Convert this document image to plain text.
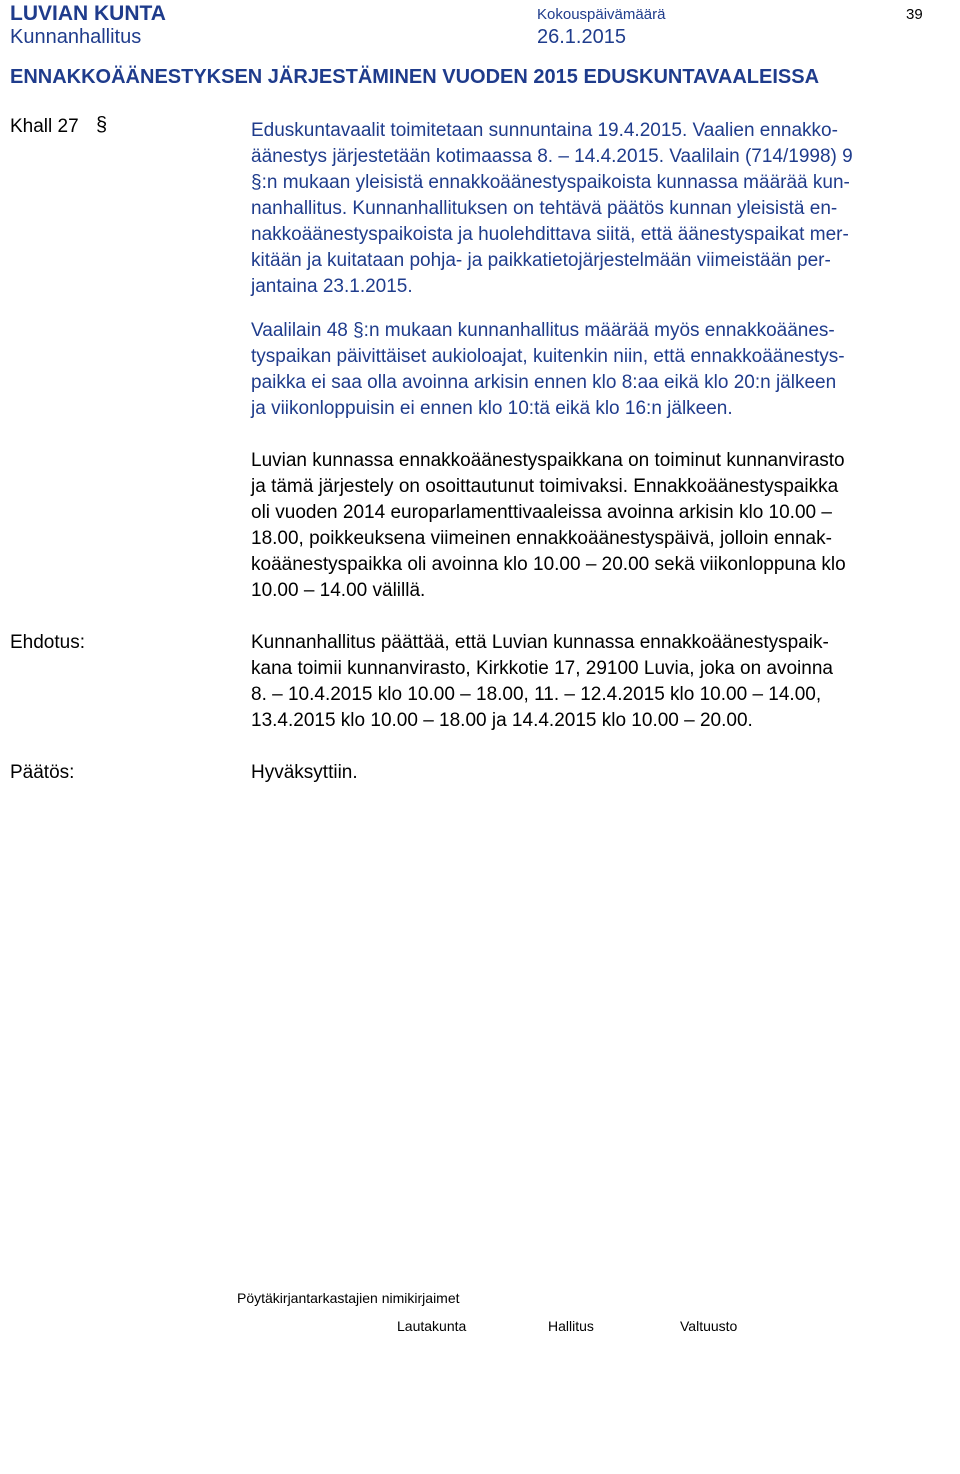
LUVIAN KUNTA
Kunnanhallitus
Kokouspäivämäärä
26.1.2015
39
ENNAKKOÄÄNESTYKSEN JÄRJESTÄMINEN VUODEN 2015 EDUSKUNTAVAALEISSA
Khall 27 §	Eduskuntavaalit toimitetaan sunnuntaina 19.4.2015. Vaalien ennakko-
äänestys järjestetään kotimaassa 8. – 14.4.2015. Vaalilain (714/1998) 9
§:n mukaan yleisistä ennakkoäänestyspaikoista kunnassa määrää kun-
nanhallitus. Kunnanhallituksen on tehtävä päätös kunnan yleisistä en-
nakkoäänestyspaikoista ja huolehdittava siitä, että äänestyspaikat mer-
kitään ja kuitataan pohja- ja paikkatietojärjestelmään viimeistään per-
jantaina 23.1.2015.

Vaalilain 48 §:n mukaan kunnanhallitus määrää myös ennakkoäänes-
tyspaikan päivittäiset aukioloajat, kuitenkin niin, että ennakkoäänestys-
paikka ei saa olla avoinna arkisin ennen klo 8:aa eikä klo 20:n jälkeen
ja viikonloppuisin ei ennen klo 10:tä eikä klo 16:n jälkeen.

Luvian kunnassa ennakkoäänestyspaikkana on toiminut kunnanvirasto
ja tämä järjestely on osoittautunut toimivaksi. Ennakkoäänestyspaikka
oli vuoden 2014 europarlamenttivaaleissa avoinna arkisin klo 10.00 –
18.00, poikkeuksena viimeinen ennakkoäänestyspäivä, jolloin ennak-
koäänestyspaikka oli avoinna klo 10.00 – 20.00 sekä viikonloppuna klo
10.00 – 14.00 välillä.

Ehdotus:	Kunnanhallitus päättää, että Luvian kunnassa ennakkoäänestyspaik-
kana toimii kunnanvirasto, Kirkkotie 17, 29100 Luvia, joka on avoinna
8. – 10.4.2015 klo 10.00 – 18.00, 11. – 12.4.2015 klo 10.00 – 14.00,
13.4.2015 klo 10.00 – 18.00 ja 14.4.2015 klo 10.00 – 20.00.

Päätös:	Hyväksyttiin.

Pöytäkirjantarkastajien nimikirjaimet
Lautakunta	Hallitus	Valtuusto
